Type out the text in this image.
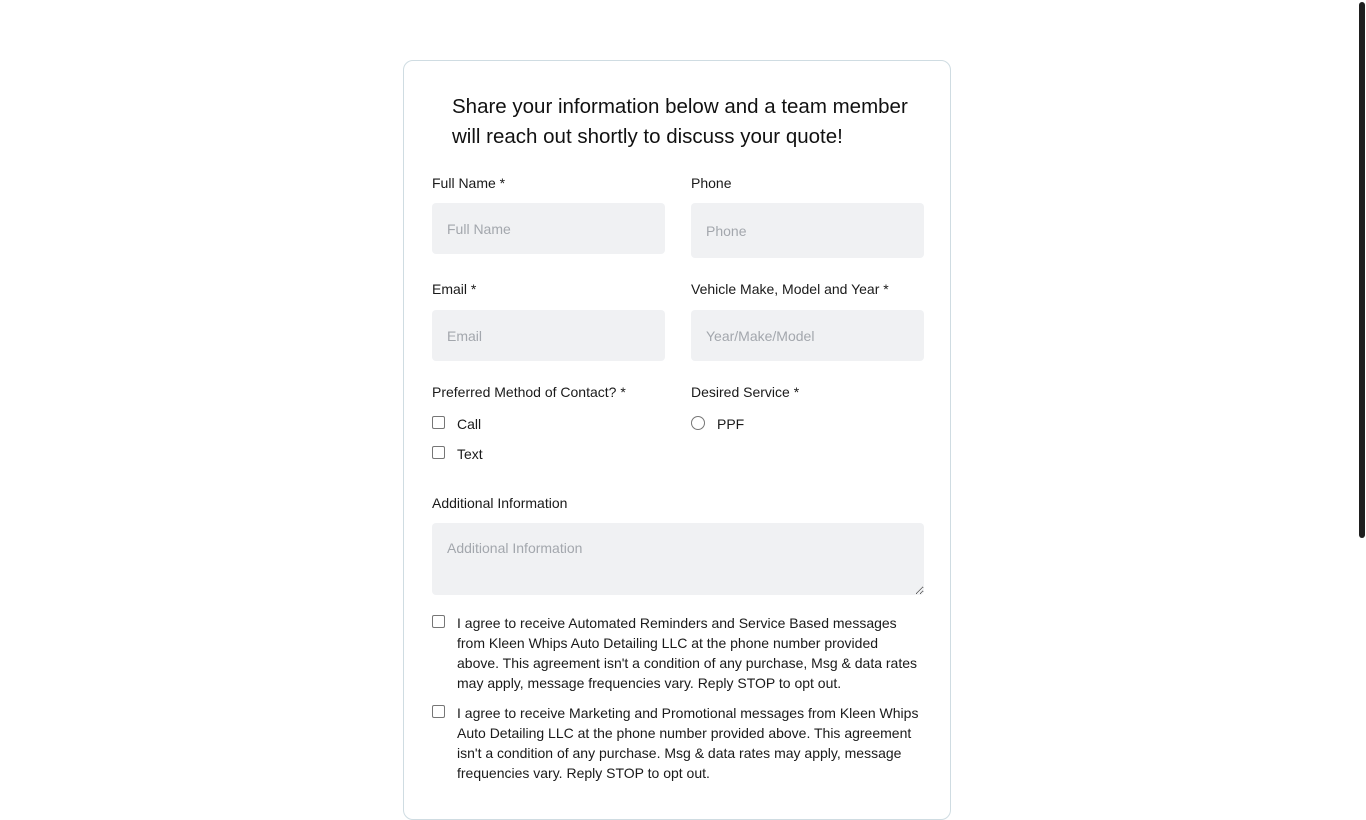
Share your information below and a team member will reach out shortly to discuss your quote!
Full Name *
Full Name	Phone
Phone
Email *
Email	Vehicle Make, Model and Year *
Year/Make/Model
Preferred Method of Contact? *
Call
Text
Desired Service *
PPF
Additional Information
Additional Information
I agree to receive Automated Reminders and Service Based messages from Kleen Whips Auto Detailing LLC at the phone number provided above. This agreement isn't a condition of any purchase, Msg & data rates may apply, message frequencies vary. Reply STOP to opt out.
I agree to receive Marketing and Promotional messages from Kleen Whips Auto Detailing LLC at the phone number provided above. This agreement isn't a condition of any purchase. Msg & data rates may apply, message frequencies vary. Reply STOP to opt out.
